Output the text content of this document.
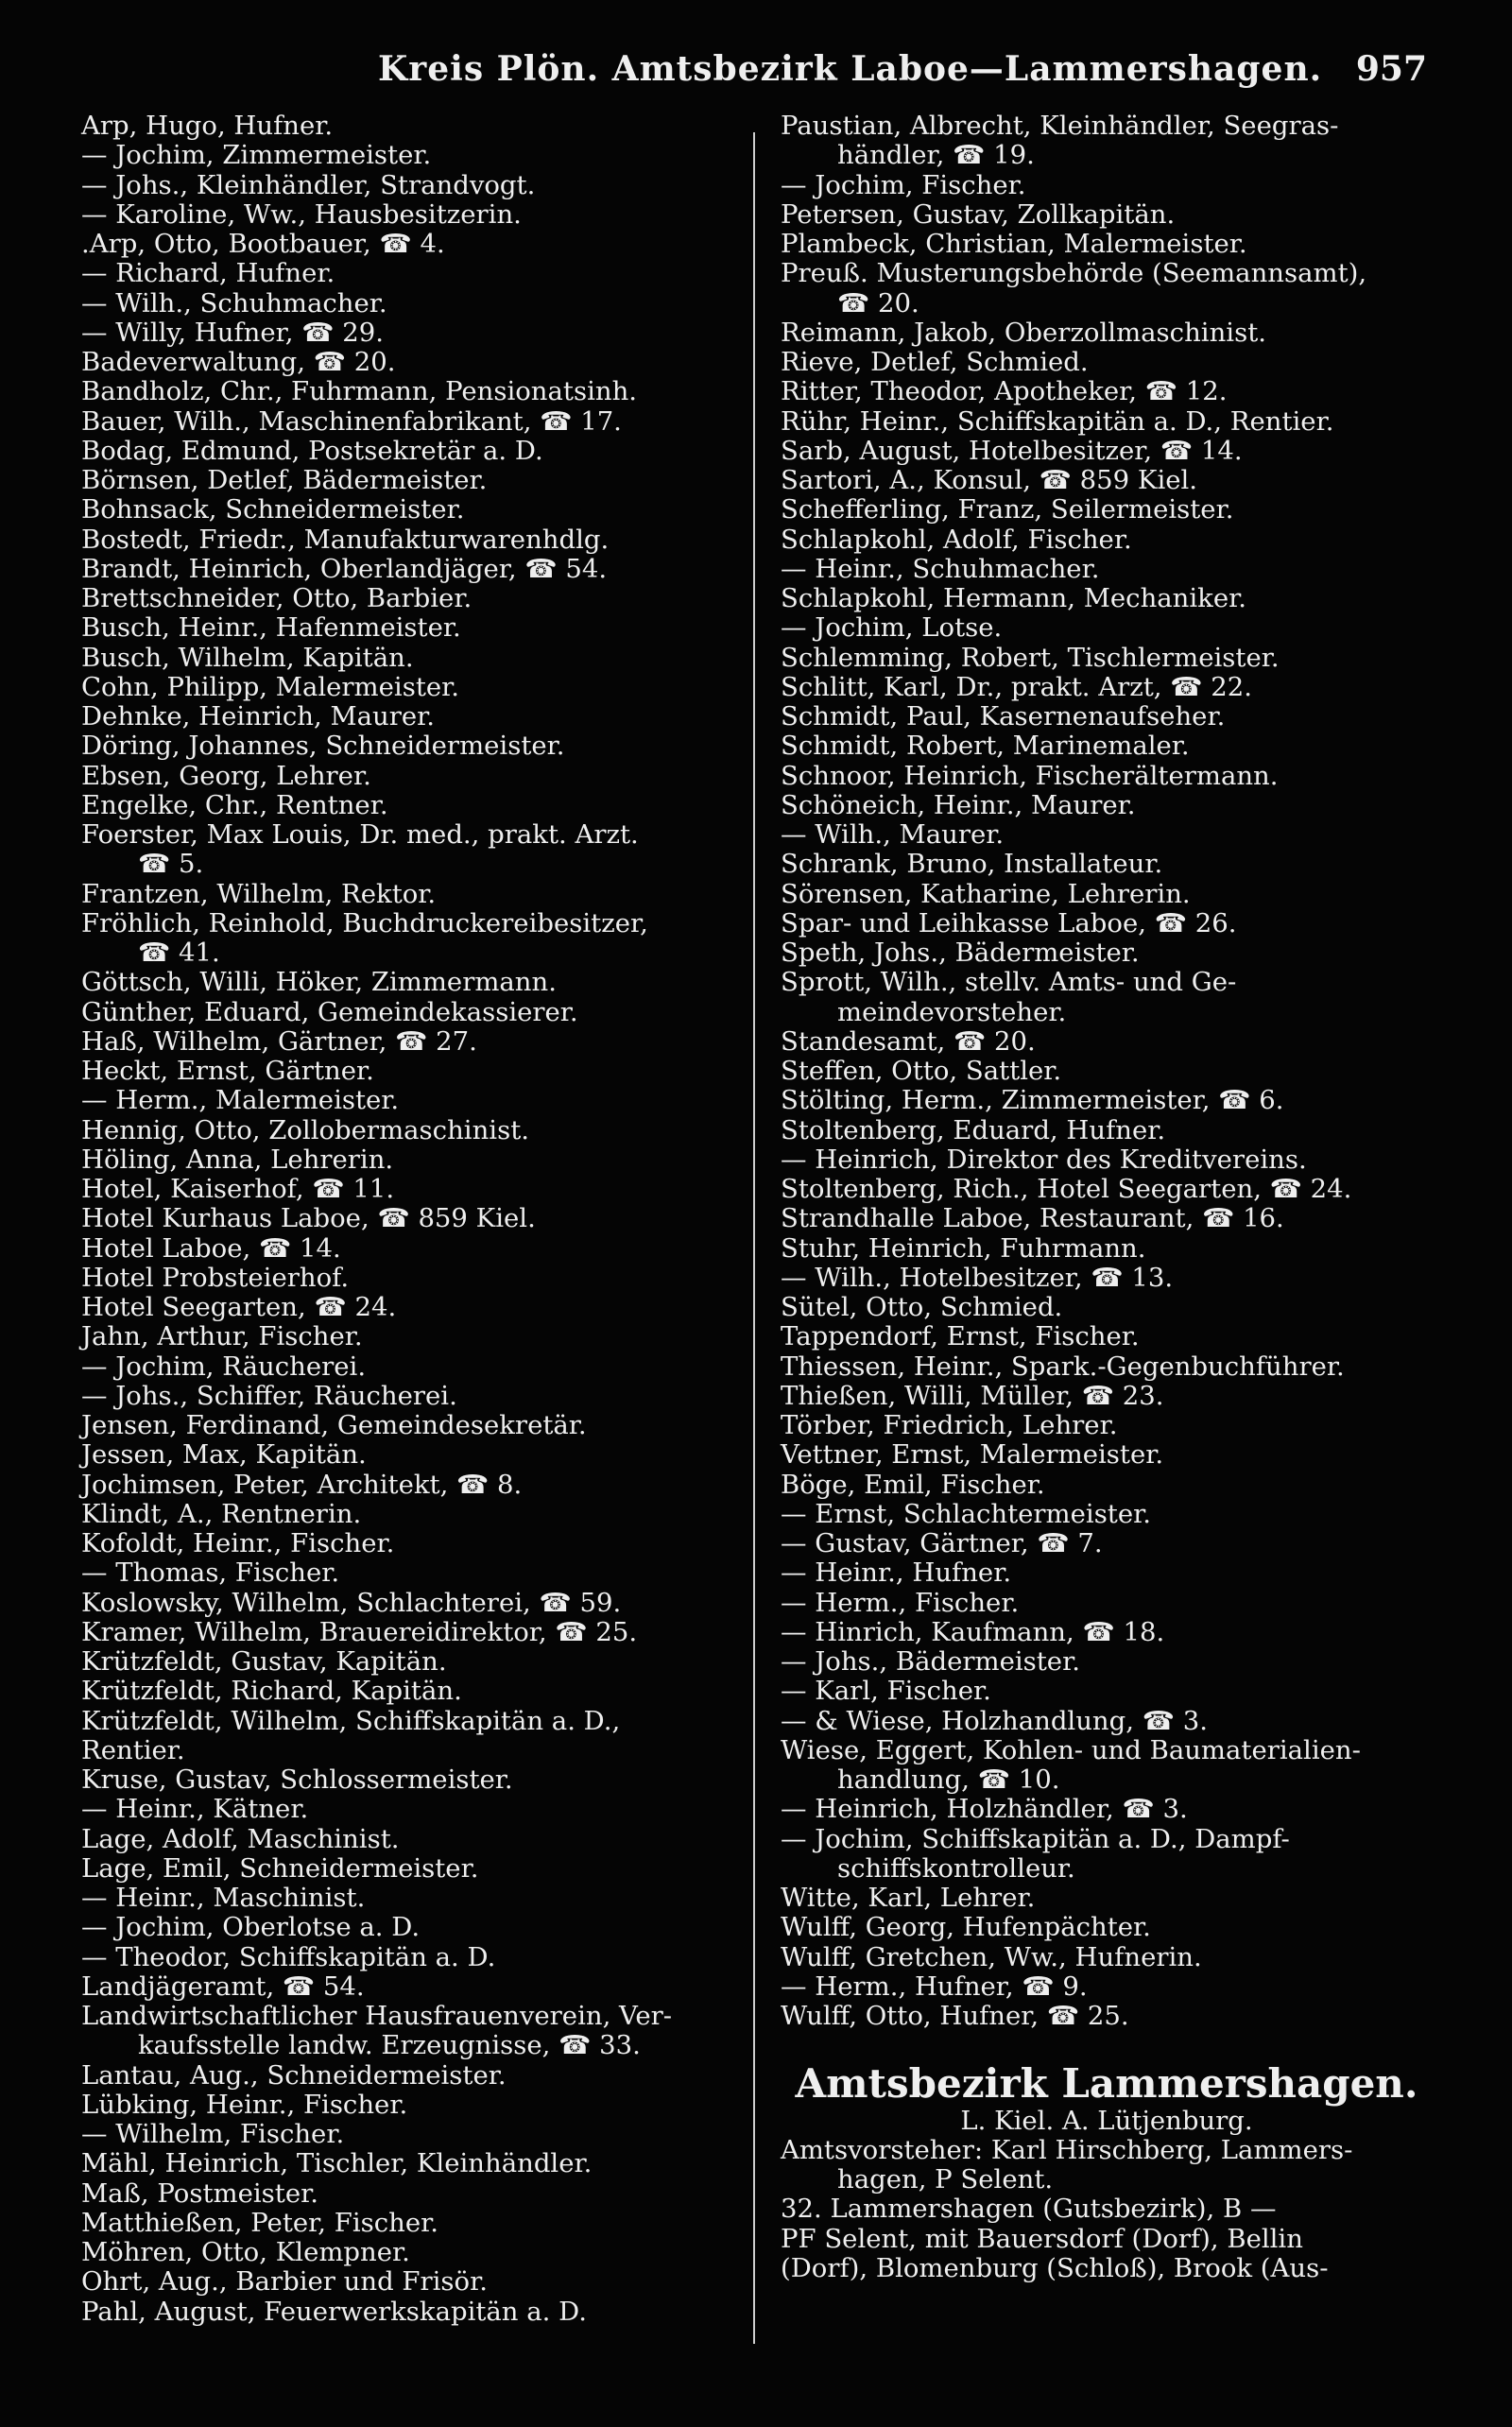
Kreis Plön. Amtsbezirk Laboe—Lammershagen. 957
Arp, Hugo, Hufner.
— Jochim, Zimmermeister.
— Johs., Kleinhändler, Strandvogt.
— Karoline, Ww., Hausbesitzerin.
.Arp, Otto, Bootbauer, ☎ 4.
— Richard, Hufner.
— Wilh., Schuhmacher.
— Willy, Hufner, ☎ 29.
Badeverwaltung, ☎ 20.
Bandholz, Chr., Fuhrmann, Pensionatsinh.
Bauer, Wilh., Maschinenfabrikant, ☎ 17.
Bodag, Edmund, Postsekretär a. D.
Börnsen, Detlef, Bädermeister.
Bohnsack, Schneidermeister.
Bostedt, Friedr., Manufakturwarenhdlg.
Brandt, Heinrich, Oberlandjäger, ☎ 54.
Brettschneider, Otto, Barbier.
Busch, Heinr., Hafenmeister.
Busch, Wilhelm, Kapitän.
Cohn, Philipp, Malermeister.
Dehnke, Heinrich, Maurer.
Döring, Johannes, Schneidermeister.
Ebsen, Georg, Lehrer.
Engelke, Chr., Rentner.
Foerster, Max Louis, Dr. med., prakt. Arzt.
☎ 5.
Frantzen, Wilhelm, Rektor.
Fröhlich, Reinhold, Buchdruckereibesitzer,
☎ 41.
Göttsch, Willi, Höker, Zimmermann.
Günther, Eduard, Gemeindekassierer.
Haß, Wilhelm, Gärtner, ☎ 27.
Heckt, Ernst, Gärtner.
— Herm., Malermeister.
Hennig, Otto, Zollobermaschinist.
Höling, Anna, Lehrerin.
Hotel, Kaiserhof, ☎ 11.
Hotel Kurhaus Laboe, ☎ 859 Kiel.
Hotel Laboe, ☎ 14.
Hotel Probsteierhof.
Hotel Seegarten, ☎ 24.
Jahn, Arthur, Fischer.
— Jochim, Räucherei.
— Johs., Schiffer, Räucherei.
Jensen, Ferdinand, Gemeindesekretär.
Jessen, Max, Kapitän.
Jochimsen, Peter, Architekt, ☎ 8.
Klindt, A., Rentnerin.
Kofoldt, Heinr., Fischer.
— Thomas, Fischer.
Koslowsky, Wilhelm, Schlachterei, ☎ 59.
Kramer, Wilhelm, Brauereidirektor, ☎ 25.
Krützfeldt, Gustav, Kapitän.
Krützfeldt, Richard, Kapitän.
Krützfeldt, Wilhelm, Schiffskapitän a. D.,
Rentier.
Kruse, Gustav, Schlossermeister.
— Heinr., Kätner.
Lage, Adolf, Maschinist.
Lage, Emil, Schneidermeister.
— Heinr., Maschinist.
— Jochim, Oberlotse a. D.
— Theodor, Schiffskapitän a. D.
Landjägeramt, ☎ 54.
Landwirtschaftlicher Hausfrauenverein, Ver-
kaufsstelle landw. Erzeugnisse, ☎ 33.
Lantau, Aug., Schneidermeister.
Lübking, Heinr., Fischer.
— Wilhelm, Fischer.
Mähl, Heinrich, Tischler, Kleinhändler.
Maß, Postmeister.
Matthießen, Peter, Fischer.
Möhren, Otto, Klempner.
Ohrt, Aug., Barbier und Frisör.
Pahl, August, Feuerwerkskapitän a. D.
Paustian, Albrecht, Kleinhändler, Seegras-
händler, ☎ 19.
— Jochim, Fischer.
Petersen, Gustav, Zollkapitän.
Plambeck, Christian, Malermeister.
Preuß. Musterungsbehörde (Seemannsamt),
☎ 20.
Reimann, Jakob, Oberzollmaschinist.
Rieve, Detlef, Schmied.
Ritter, Theodor, Apotheker, ☎ 12.
Rühr, Heinr., Schiffskapitän a. D., Rentier.
Sarb, August, Hotelbesitzer, ☎ 14.
Sartori, A., Konsul, ☎ 859 Kiel.
Schefferling, Franz, Seilermeister.
Schlapkohl, Adolf, Fischer.
— Heinr., Schuhmacher.
Schlapkohl, Hermann, Mechaniker.
— Jochim, Lotse.
Schlemming, Robert, Tischlermeister.
Schlitt, Karl, Dr., prakt. Arzt, ☎ 22.
Schmidt, Paul, Kasernenaufseher.
Schmidt, Robert, Marinemaler.
Schnoor, Heinrich, Fischerältermann.
Schöneich, Heinr., Maurer.
— Wilh., Maurer.
Schrank, Bruno, Installateur.
Sörensen, Katharine, Lehrerin.
Spar- und Leihkasse Laboe, ☎ 26.
Speth, Johs., Bädermeister.
Sprott, Wilh., stellv. Amts- und Ge-
meindevorsteher.
Standesamt, ☎ 20.
Steffen, Otto, Sattler.
Stölting, Herm., Zimmermeister, ☎ 6.
Stoltenberg, Eduard, Hufner.
— Heinrich, Direktor des Kreditvereins.
Stoltenberg, Rich., Hotel Seegarten, ☎ 24.
Strandhalle Laboe, Restaurant, ☎ 16.
Stuhr, Heinrich, Fuhrmann.
— Wilh., Hotelbesitzer, ☎ 13.
Sütel, Otto, Schmied.
Tappendorf, Ernst, Fischer.
Thiessen, Heinr., Spark.-Gegenbuchführer.
Thießen, Willi, Müller, ☎ 23.
Törber, Friedrich, Lehrer.
Vettner, Ernst, Malermeister.
Böge, Emil, Fischer.
— Ernst, Schlachtermeister.
— Gustav, Gärtner, ☎ 7.
— Heinr., Hufner.
— Herm., Fischer.
— Hinrich, Kaufmann, ☎ 18.
— Johs., Bädermeister.
— Karl, Fischer.
— & Wiese, Holzhandlung, ☎ 3.
Wiese, Eggert, Kohlen- und Baumaterialien-
handlung, ☎ 10.
— Heinrich, Holzhändler, ☎ 3.
— Jochim, Schiffskapitän a. D., Dampf-
schiffskontrolleur.
Witte, Karl, Lehrer.
Wulff, Georg, Hufenpächter.
Wulff, Gretchen, Ww., Hufnerin.
— Herm., Hufner, ☎ 9.
Wulff, Otto, Hufner, ☎ 25.
Amtsbezirk Lammershagen.
L. Kiel. A. Lütjenburg.
Amtsvorsteher: Karl Hirschberg, Lammers-
hagen, P Selent.
32. Lammershagen (Gutsbezirk), B —
PF Selent, mit Bauersdorf (Dorf), Bellin
(Dorf), Blomenburg (Schloß), Brook (Aus-
